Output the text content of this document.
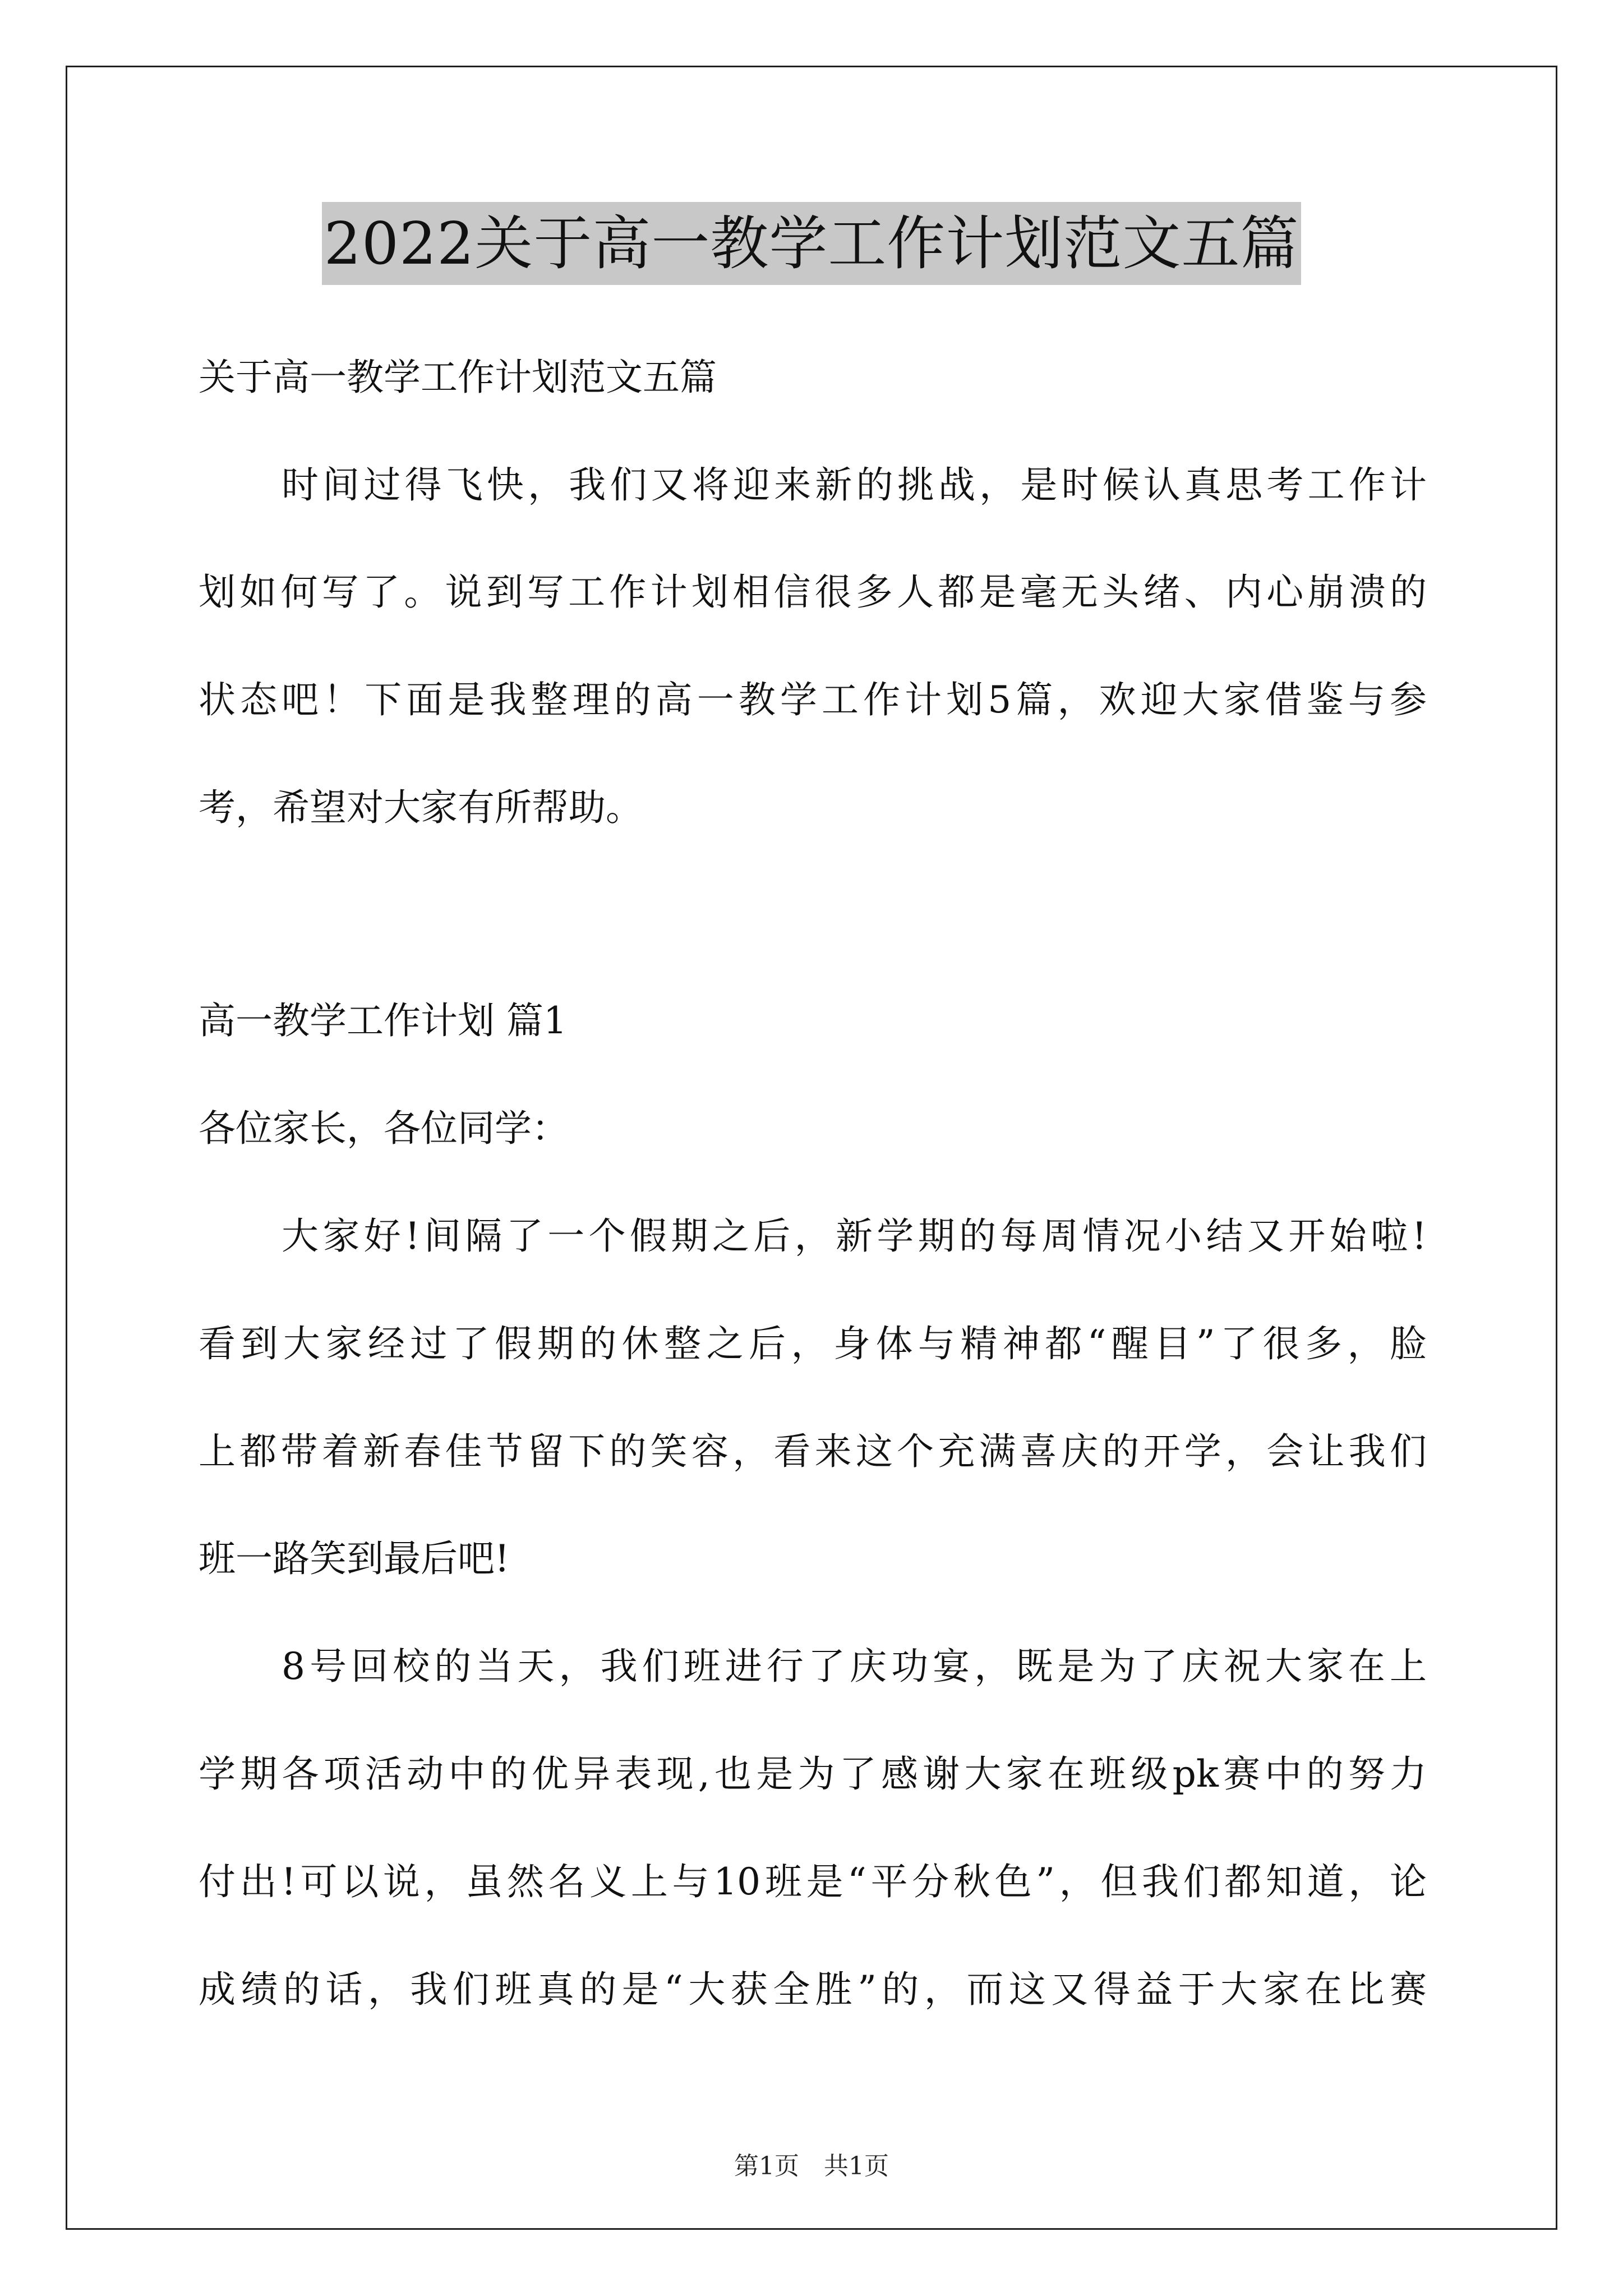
2022关于高一教学工作计划范文五篇
关于高一教学工作计划范文五篇
时间过得飞快，我们又将迎来新的挑战，是时候认真思考工作计
划如何写了。说到写工作计划相信很多人都是毫无头绪、内心崩溃的
状态吧！下面是我整理的高一教学工作计划5篇，欢迎大家借鉴与参
考，希望对大家有所帮助。
高一教学工作计划 篇1
各位家长，各位同学：
大家好!间隔了一个假期之后，新学期的每周情况小结又开始啦!
看到大家经过了假期的休整之后，身体与精神都“醒目”了很多，脸
上都带着新春佳节留下的笑容，看来这个充满喜庆的开学，会让我们
班一路笑到最后吧!
8号回校的当天，我们班进行了庆功宴，既是为了庆祝大家在上
学期各项活动中的优异表现,也是为了感谢大家在班级pk赛中的努力
付出!可以说，虽然名义上与10班是“平分秋色”，但我们都知道，论
成绩的话，我们班真的是“大获全胜”的，而这又得益于大家在比赛
第1页　共1页
